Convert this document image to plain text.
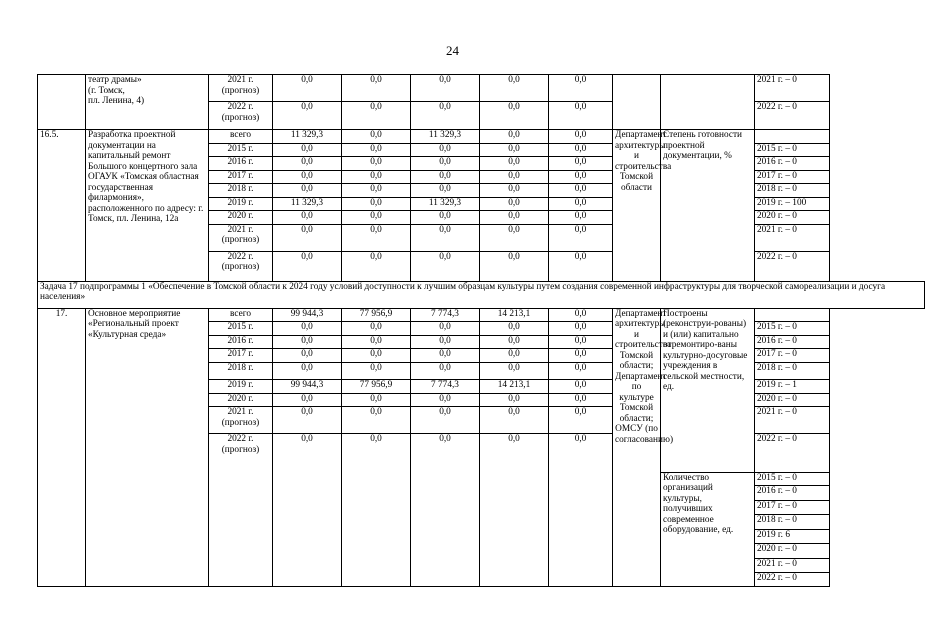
24
	театр драмы»
(г. Томск,
пл. Ленина, 4)	2021 г.
(прогноз)	0,0	0,0	0,0	0,0	0,0			2021 г. – 0
		2022 г.
(прогноз)	0,0	0,0	0,0	0,0	0,0			2022 г. – 0
16.5.	Разработка проектной документации на капитальный ремонт Большого концертного зала ОГАУК «Томская областная государственная филармония», расположенного по адресу: г. Томск, пл. Ленина, 12а	всего	11 329,3	0,0	11 329,3	0,0	0,0	Департамент архитектуры и строительства Томской области	Степень готовности проектной документации, %	
		2015 г.	0,0	0,0	0,0	0,0	0,0			2015 г. – 0
		2016 г.	0,0	0,0	0,0	0,0	0,0			2016 г. – 0
		2017 г.	0,0	0,0	0,0	0,0	0,0			2017 г. – 0
		2018 г.	0,0	0,0	0,0	0,0	0,0			2018 г. – 0
		2019 г.	11 329,3	0,0	11 329,3	0,0	0,0			2019 г. – 100
		2020 г.	0,0	0,0	0,0	0,0	0,0			2020 г. – 0
		2021 г.
(прогноз)	0,0	0,0	0,0	0,0	0,0			2021 г. – 0
		2022 г.
(прогноз)	0,0	0,0	0,0	0,0	0,0			2022 г. – 0
Задача 17 подпрограммы 1 «Обеспечение в Томской области к 2024 году условий доступности к лучшим образцам культуры путем создания современной инфраструктуры для творческой самореализации и досуга населения»										
17.	Основное мероприятие «Региональный проект «Культурная среда»	всего	99 944,3	77 956,9	7 774,3	14 213,1	0,0	Департамент архитектуры и строительства Томской области; Департамент по культуре Томской области; ОМСУ (по согласованию)	Построены (реконструи-рованы) и (или) капитально отремонтиро-ваны культурно-досуговые учреждения в сельской местности, ед.	
		2015 г.	0,0	0,0	0,0	0,0	0,0			2015 г. – 0
		2016 г.	0,0	0,0	0,0	0,0	0,0			2016 г. – 0
		2017 г.	0,0	0,0	0,0	0,0	0,0			2017 г. – 0
		2018 г.	0,0	0,0	0,0	0,0	0,0			2018 г. – 0
		2019 г.	99 944,3	77 956,9	7 774,3	14 213,1	0,0			2019 г. – 1
		2020 г.	0,0	0,0	0,0	0,0	0,0			2020 г. – 0
		2021 г.
(прогноз)	0,0	0,0	0,0	0,0	0,0			2021 г. – 0
		2022 г.
(прогноз)	0,0	0,0	0,0	0,0	0,0			2022 г. – 0

									Количество организаций культуры, получивших современное оборудование, ед.	2015 г. – 0
										2016 г. – 0
										2017 г. – 0
										2018 г. – 0
										2019 г. 6
										2020 г. – 0
										2021 г. – 0
										2022 г. – 0
